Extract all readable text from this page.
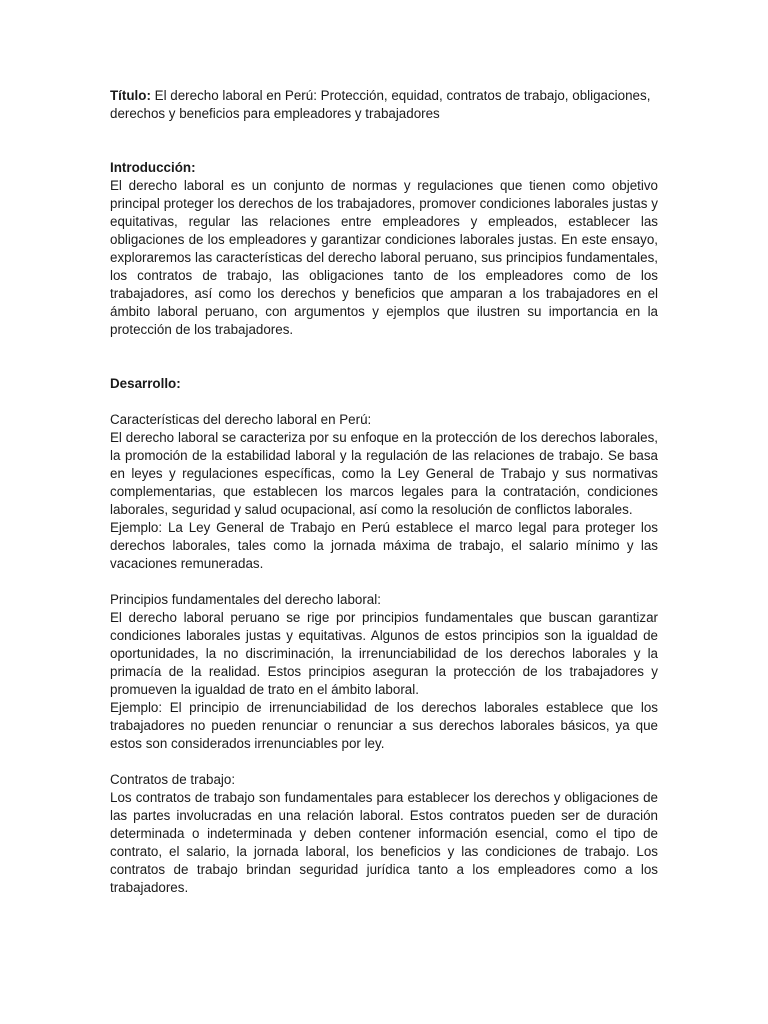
Título: El derecho laboral en Perú: Protección, equidad, contratos de trabajo, obligaciones, derechos y beneficios para empleadores y trabajadores

Introducción:

El derecho laboral es un conjunto de normas y regulaciones que tienen como objetivo principal proteger los derechos de los trabajadores, promover condiciones laborales justas y equitativas, regular las relaciones entre empleadores y empleados, establecer las obligaciones de los empleadores y garantizar condiciones laborales justas. En este ensayo, exploraremos las características del derecho laboral peruano, sus principios fundamentales, los contratos de trabajo, las obligaciones tanto de los empleadores como de los trabajadores, así como los derechos y beneficios que amparan a los trabajadores en el ámbito laboral peruano, con argumentos y ejemplos que ilustren su importancia en la protección de los trabajadores.

Desarrollo:

Características del derecho laboral en Perú:

El derecho laboral se caracteriza por su enfoque en la protección de los derechos laborales, la promoción de la estabilidad laboral y la regulación de las relaciones de trabajo. Se basa en leyes y regulaciones específicas, como la Ley General de Trabajo y sus normativas complementarias, que establecen los marcos legales para la contratación, condiciones laborales, seguridad y salud ocupacional, así como la resolución de conflictos laborales.

Ejemplo: La Ley General de Trabajo en Perú establece el marco legal para proteger los derechos laborales, tales como la jornada máxima de trabajo, el salario mínimo y las vacaciones remuneradas.

Principios fundamentales del derecho laboral:

El derecho laboral peruano se rige por principios fundamentales que buscan garantizar condiciones laborales justas y equitativas. Algunos de estos principios son la igualdad de oportunidades, la no discriminación, la irrenunciabilidad de los derechos laborales y la primacía de la realidad. Estos principios aseguran la protección de los trabajadores y promueven la igualdad de trato en el ámbito laboral.

Ejemplo: El principio de irrenunciabilidad de los derechos laborales establece que los trabajadores no pueden renunciar o renunciar a sus derechos laborales básicos, ya que estos son considerados irrenunciables por ley.

Contratos de trabajo:

Los contratos de trabajo son fundamentales para establecer los derechos y obligaciones de las partes involucradas en una relación laboral. Estos contratos pueden ser de duración determinada o indeterminada y deben contener información esencial, como el tipo de contrato, el salario, la jornada laboral, los beneficios y las condiciones de trabajo. Los contratos de trabajo brindan seguridad jurídica tanto a los empleadores como a los trabajadores.
